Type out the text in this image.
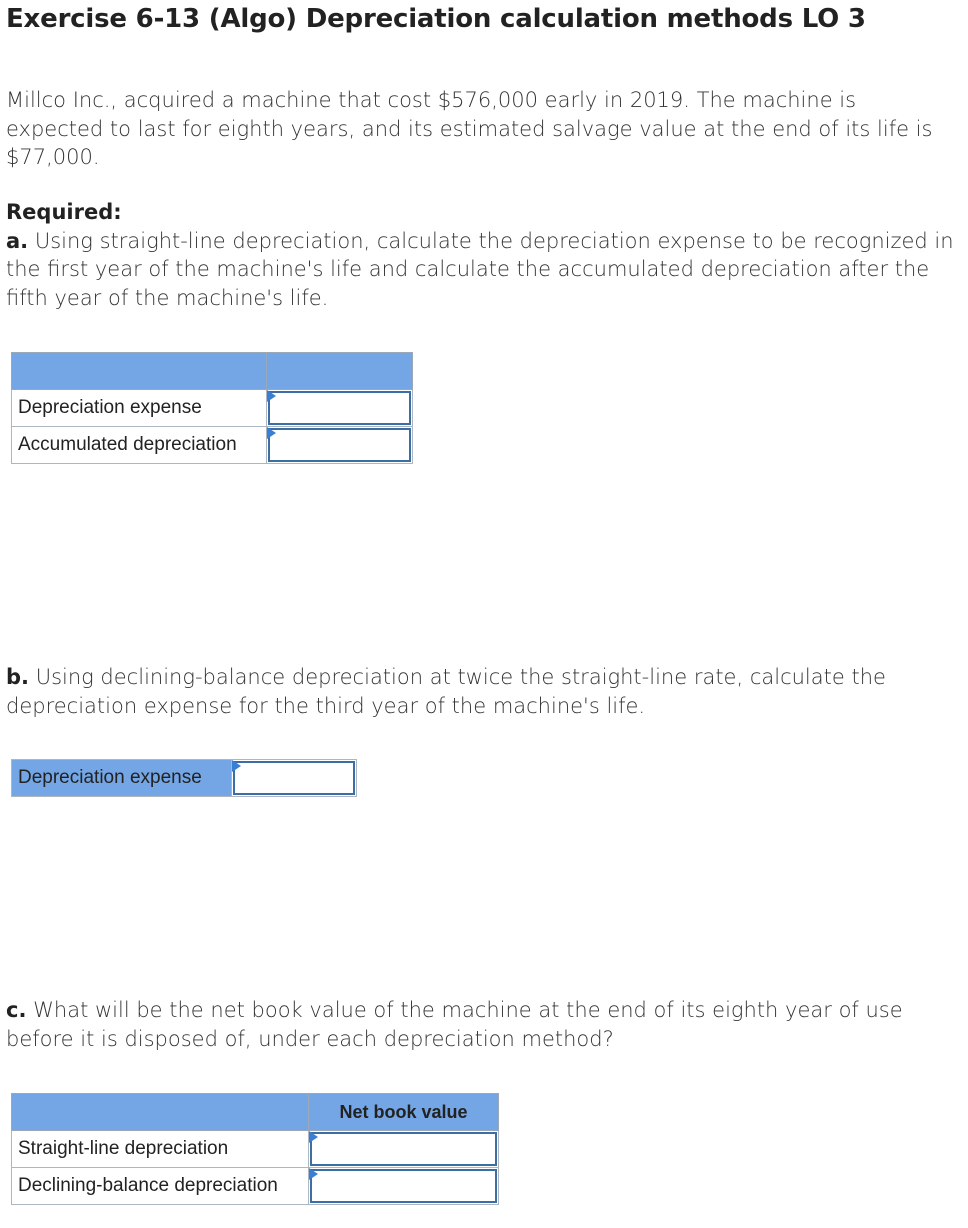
Exercise 6-13 (Algo) Depreciation calculation methods LO 3

Millco Inc., acquired a machine that cost $576,000 early in 2019. The machine is expected to last for eighth years, and its estimated salvage value at the end of its life is $77,000.

Required:
a. Using straight-line depreciation, calculate the depreciation expense to be recognized in the first year of the machine's life and calculate the accumulated depreciation after the fifth year of the machine's life.

Depreciation expense	

Accumulated depreciation	

b. Using declining-balance depreciation at twice the straight-line rate, calculate the depreciation expense for the third year of the machine's life.

Depreciation expense	

c. What will be the net book value of the machine at the end of its eighth year of use before it is disposed of, under each depreciation method?

	Net book value
Straight-line depreciation	

Declining-balance depreciation	
